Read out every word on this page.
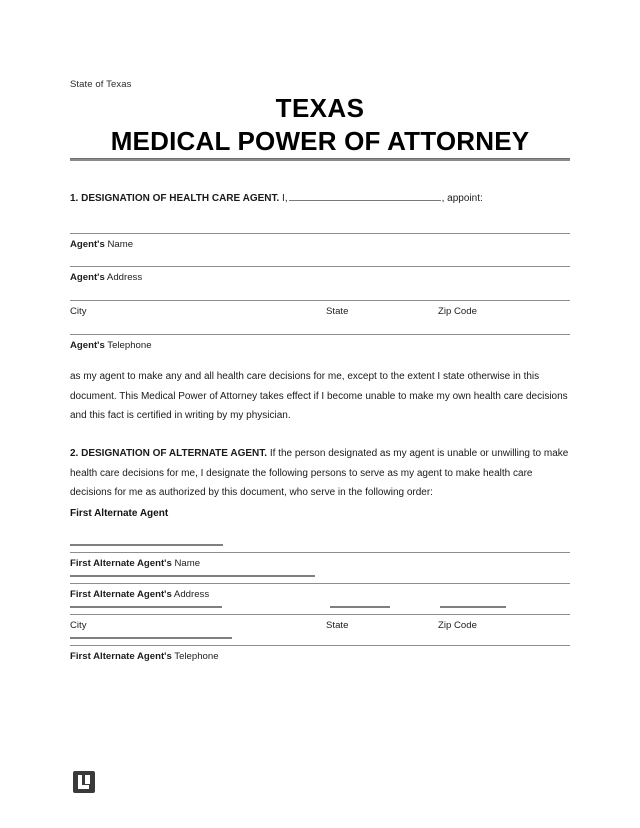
State of Texas
TEXAS
MEDICAL POWER OF ATTORNEY
1. DESIGNATION OF HEALTH CARE AGENT. I,	, appoint:
Agent's Name
Agent's Address
City	State	Zip Code
Agent's Telephone
as my agent to make any and all health care decisions for me, except to the extent I state otherwise in this document. This Medical Power of Attorney takes effect if I become unable to make my own health care decisions and this fact is certified in writing by my physician.
2. DESIGNATION OF ALTERNATE AGENT. If the person designated as my agent is unable or unwilling to make health care decisions for me, I designate the following persons to serve as my agent to make health care decisions for me as authorized by this document, who serve in the following order:
First Alternate Agent
First Alternate Agent's Name
First Alternate Agent's Address
City	State	Zip Code
First Alternate Agent's Telephone
